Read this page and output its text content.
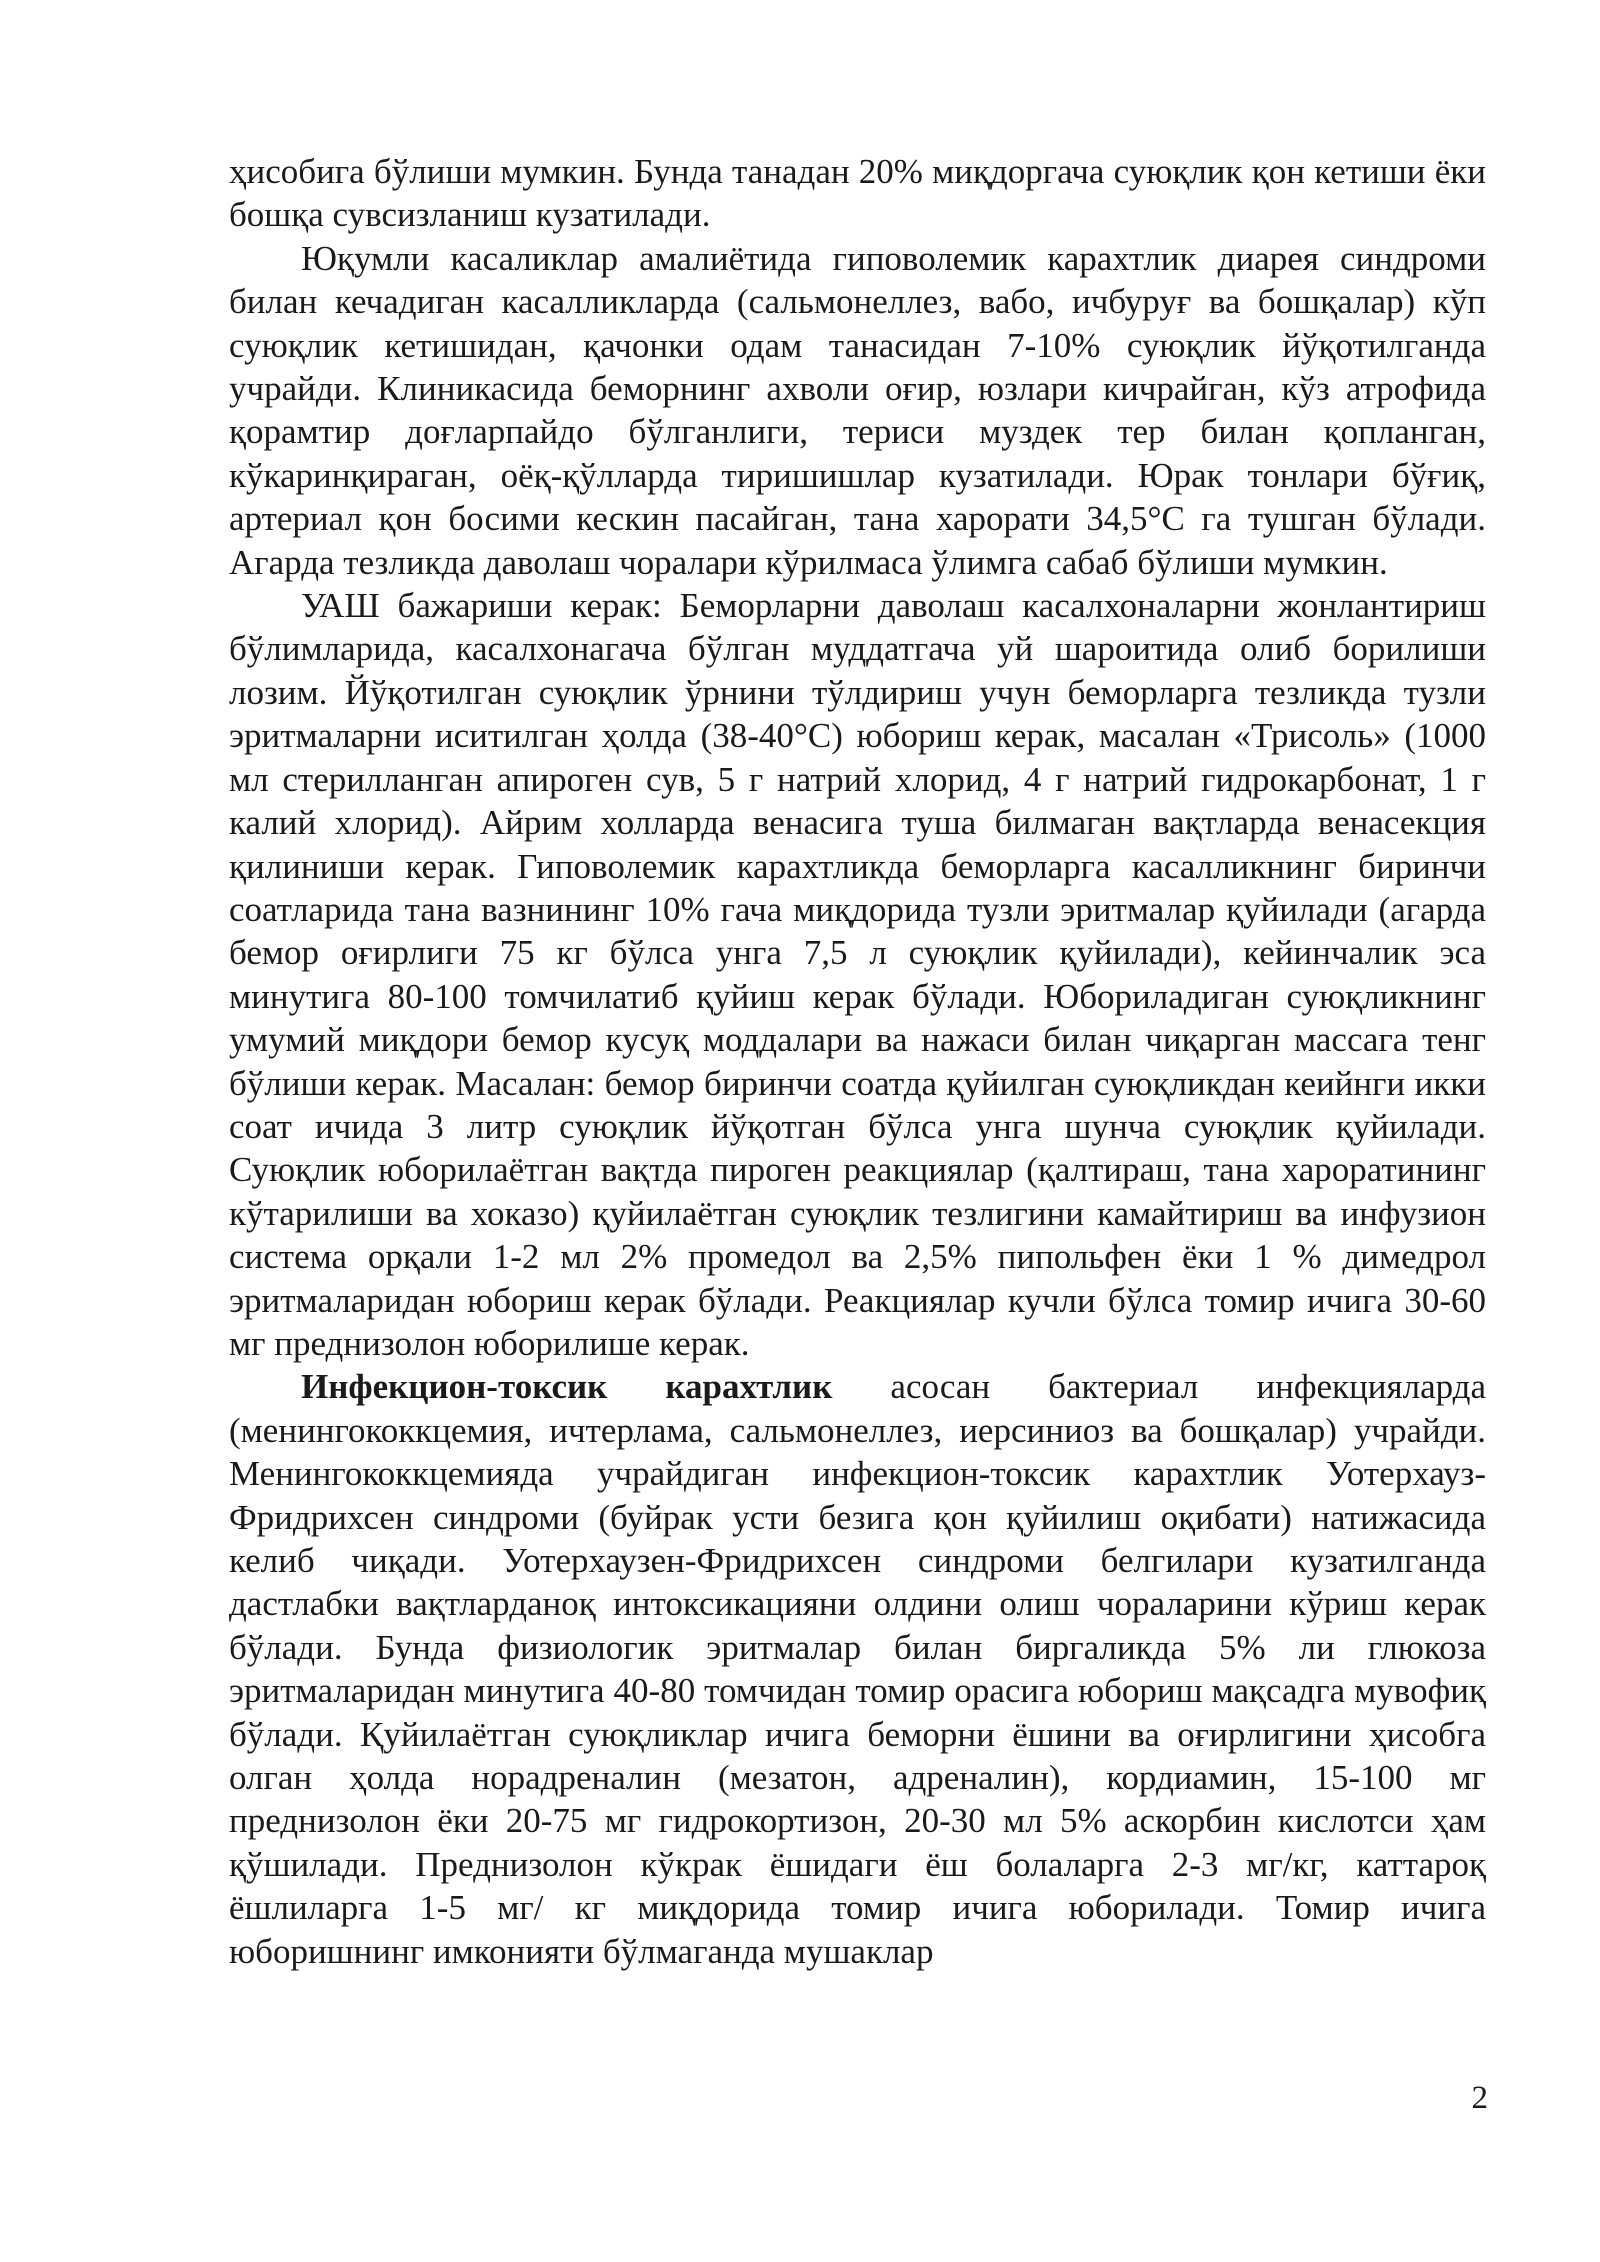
ҳисобига бўлиши мумкин. Бунда танадан 20% миқдоргача суюқлик қон кетиши ёки бошқа сувсизланиш кузатилади.

Юқумли касаликлар амалиётида гиповолемик карахтлик диарея синдроми билан кечадиган касалликларда (сальмонеллез, вабо, ичбуруғ ва бошқалар) кўп суюқлик кетишидан, қачонки одам танасидан 7-10% суюқлик йўқотилганда учрайди. Клиникасида беморнинг ахволи оғир, юзлари кичрайган, кўз атрофида қорамтир доғларпайдо бўлганлиги, териси муздек тер билан қопланган, кўкаринқираган, оёқ-қўлларда тиришишлар кузатилади. Юрак тонлари бўғиқ, артериал қон босими кескин пасайган, тана харорати 34,5°С га тушган бўлади. Агарда тезликда даволаш чоралари кўрилмаса ўлимга сабаб бўлиши мумкин.

УАШ бажариши керак: Беморларни даволаш касалхоналарни жонлантириш бўлимларида, касалхонагача бўлган муддатгача уй шароитида олиб борилиши лозим. Йўқотилган суюқлик ўрнини тўлдириш учун беморларга тезликда тузли эритмаларни иситилган ҳолда (38-40°С) юбориш керак, масалан «Трисоль» (1000 мл стерилланган апироген сув, 5 г натрий хлорид, 4 г натрий гидрокарбонат, 1 г калий хлорид). Айрим холларда венасига туша билмаган вақтларда венасекция қилиниши керак. Гиповолемик карахтликда беморларга касалликнинг биринчи соатларида тана вазнининг 10% гача миқдорида тузли эритмалар қуйилади (агарда бемор оғирлиги 75 кг бўлса унга 7,5 л суюқлик қуйилади), кейинчалик эса минутига 80-100 томчилатиб қуйиш керак бўлади. Юбориладиган суюқликнинг умумий миқдори бемор кусуқ моддалари ва нажаси билан чиқарган массага тенг бўлиши керак. Масалан: бемор биринчи соатда қуйилган суюқликдан кеийнги икки соат ичида 3 литр суюқлик йўқотган бўлса унга шунча суюқлик қуйилади. Суюқлик юборилаётган вақтда пироген реакциялар (қалтираш, тана хароратининг кўтарилиши ва хоказо) қуйилаётган суюқлик тезлигини камайтириш ва инфузион система орқали 1-2 мл 2% промедол ва 2,5% пипольфен ёки 1 % димедрол эритмаларидан юбориш керак бўлади. Реакциялар кучли бўлса томир ичига 30-60 мг преднизолон юборилише керак.

Инфекцион-токсик карахтлик асосан бактериал инфекцияларда (менингококкцемия, ичтерлама, сальмонеллез, иерсиниоз ва бошқалар) учрайди. Менингококкцемияда учрайдиган инфекцион-токсик карахтлик Уотерхауз-Фридрихсен синдроми (буйрак усти безига қон қуйилиш оқибати) натижасида келиб чиқади. Уотерхаузен-Фридрихсен синдроми белгилари кузатилганда дастлабки вақтларданоқ интоксикацияни олдини олиш чораларини кўриш керак бўлади. Бунда физиологик эритмалар билан биргаликда 5% ли глюкоза эритмаларидан минутига 40-80 томчидан томир орасига юбориш мақсадга мувофиқ бўлади. Қуйилаётган суюқликлар ичига беморни ёшини ва оғирлигини ҳисобга олган ҳолда норадреналин (мезатон, адреналин), кордиамин, 15-100 мг преднизолон ёки 20-75 мг гидрокортизон, 20-30 мл 5% аскорбин кислотси ҳам қўшилади. Преднизолон кўкрак ёшидаги ёш болаларга 2-3 мг/кг, каттароқ ёшлиларга 1-5 мг/ кг миқдорида томир ичига юборилади. Томир ичига юборишнинг имконияти бўлмаганда мушаклар

2
